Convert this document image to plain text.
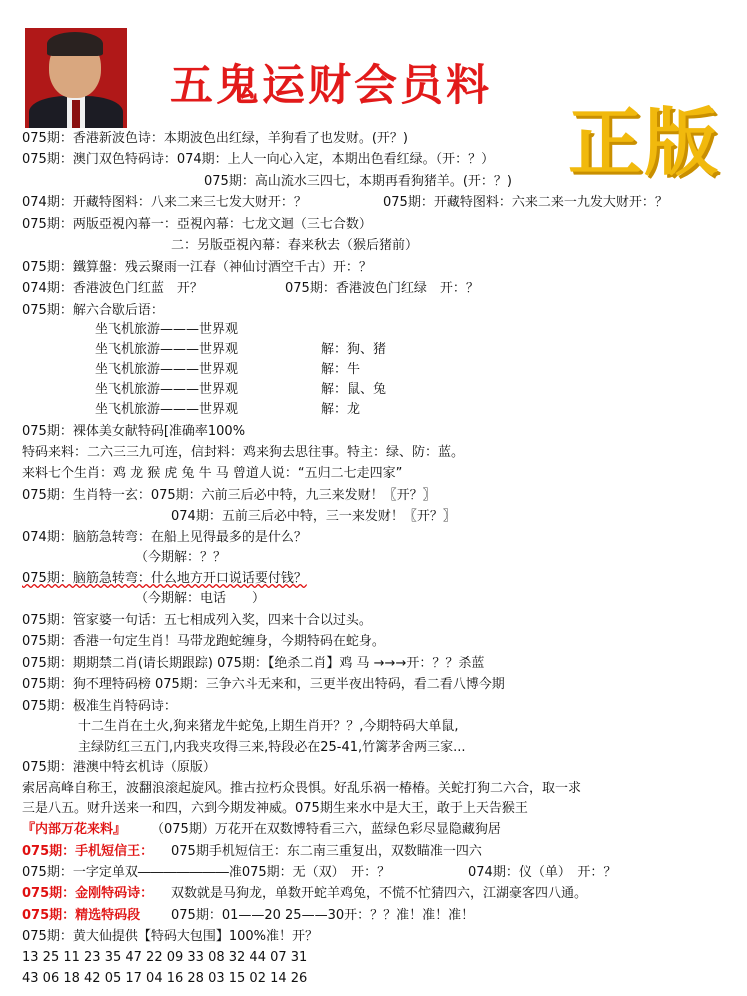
五鬼运财会员料
正版
075期：香港新波色诗：本期波色出红绿，羊狗看了也发财。(开？)
075期：澳门双色特码诗：074期：上人一向心入定，本期出色看红绿。（开：？）
075期：高山流水三四七，本期再看狗猪羊。(开：？)
074期：开藏特图料：八来二来三七发大财开：？	075期：开藏特图料：六来二来一九发大财开：？
075期：两版亞視內幕一：亞視內幕：七龙文迴（三七合数）
二：另版亞視內幕：春来秋去（猴后猪前）
075期：鐵算盤：残云聚雨一江春（神仙讨酒空千古）开：？
074期：香港波色门红蓝　开？	075期：香港波色门红绿　开：？
075期：解六合歇后语：
坐飞机旅游———世界观
坐飞机旅游———世界观	解：狗、猪
坐飞机旅游———世界观	解：牛
坐飞机旅游———世界观	解：鼠、兔
坐飞机旅游———世界观	解：龙
075期：裸体美女献特码[准确率100%
特码来料：二六三三九可连，信封料：鸡来狗去思往事。特主：绿、防：蓝。
来料七个生肖：鸡 龙 猴 虎 兔 牛 马 曾道人说：“五归二七走四家”
075期：生肖特一玄：075期：六前三后必中特，九三来发财！〖开？〗
074期：五前三后必中特，三一来发财！〖开？〗
074期：脑筋急转弯：在船上见得最多的是什么？
（今期解：？？
075期：脑筋急转弯：什么地方开口说话要付钱？
（今期解：电话　　）
075期：管家婆一句话：五七相成列入奖，四来十合以过头。
075期：香港一句定生肖！马带龙跑蛇缠身，今期特码在蛇身。
075期：期期禁二肖(请长期跟踪) 075期：【绝杀二肖】鸡 马 →→→开：？？杀蓝
075期：狗不理特码榜 075期：三争六斗无来和，三更半夜出特码，看二看八博今期
075期：极准生肖特码诗：
十二生肖在土火,狗来猪龙牛蛇兔,上期生肖开？？,今期特码大单鼠,
主绿防红三五门,内我夹攻得三来,特段必在25-41,竹篱茅舍两三家...
075期：港澳中特玄机诗（原版）
索居高峰自称王，波翻浪滚起旋风。推古拉朽众畏惧。好乱乐祸一椿椿。关蛇打狗二六合，取一求
三是八五。财升送来一和四，六到今期发神威。075期生来水中是大王，敢于上天告猴王
『内部万花来料』 （075期）万花开在双数博特看三六，蓝绿色彩尽显隐藏狗居
075期：手机短信王： 075期手机短信王：东二南三重复出，双数瞄准一四六
075期：一字定单双―――――――准075期：无（双）　开：？	074期：仪（单）　开：？
075期：金刚特码诗： 双数就是马狗龙，单数开蛇羊鸡兔，不慌不忙猜四六，江湖豪客四八通。
075期：精选特码段 075期：01——20 25——30开：？？准！准！准！
075期：黄大仙提供【特码大包围】100%准！开？
13 25 11 23 35 47 22 09 33 08 32 44 07 31
43 06 18 42 05 17 04 16 28 03 15 02 14 26
